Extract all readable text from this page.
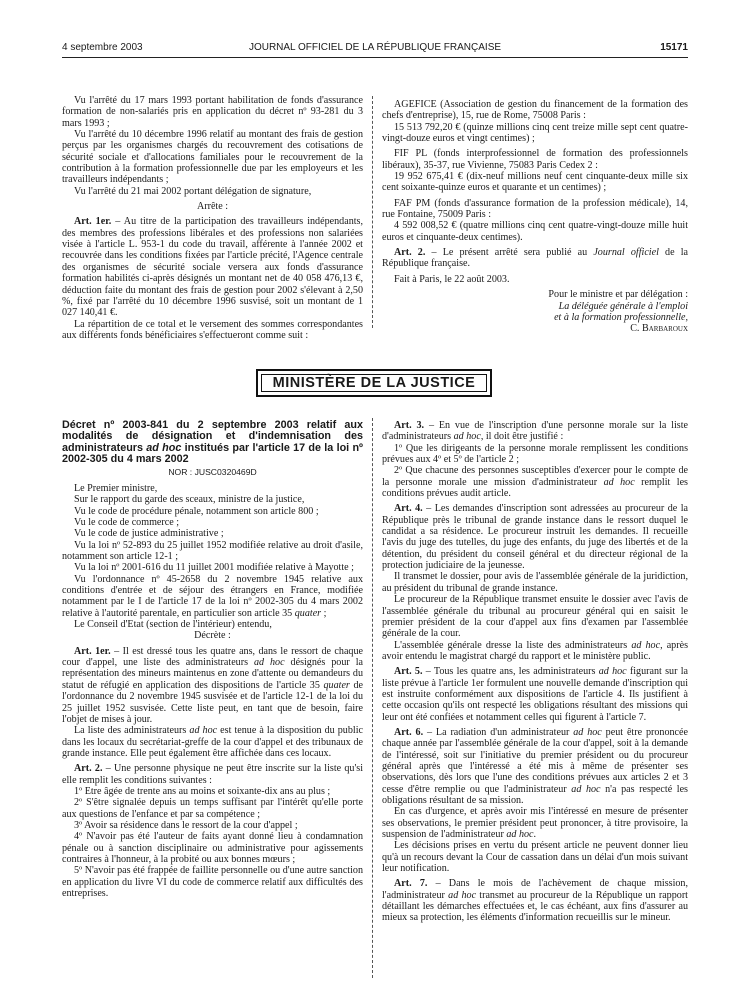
4 septembre 2003	JOURNAL OFFICIEL DE LA RÉPUBLIQUE FRANÇAISE	15171

Vu l'arrêté du 17 mars 1993 portant habilitation de fonds d'assurance formation de non-salariés pris en application du décret nº 93-281 du 3 mars 1993 ;

Vu l'arrêté du 10 décembre 1996 relatif au montant des frais de gestion perçus par les organismes chargés du recouvrement des cotisations de sécurité sociale et d'allocations familiales pour le recouvrement de la contribution à la formation professionnelle due par les employeurs et les travailleurs indépendants ;

Vu l'arrêté du 21 mai 2002 portant délégation de signature,

Arrête :

Art. 1er. – Au titre de la participation des travailleurs indépendants, des membres des professions libérales et des professions non salariées visée à l'article L. 953-1 du code du travail, afférente à l'année 2002 et recouvrée dans les conditions fixées par l'article précité, l'Agence centrale des organismes de sécurité sociale versera aux fonds d'assurance formation habilités ci-après désignés un montant net de 40 058 476,13 €, déduction faite du montant des frais de gestion pour 2002 s'élevant à 2,50 %, fixé par l'arrêté du 10 décembre 1996 susvisé, soit un montant de 1 027 140,41 €.

La répartition de ce total et le versement des sommes correspondantes aux différents fonds bénéficiaires s'effectueront comme suit :

AGEFICE (Association de gestion du financement de la formation des chefs d'entreprise), 15, rue de Rome, 75008 Paris :

15 513 792,20 € (quinze millions cinq cent treize mille sept cent quatre-vingt-douze euros et vingt centimes) ;

FIF PL (fonds interprofessionnel de formation des professionnels libéraux), 35-37, rue Vivienne, 75083 Paris Cedex 2 :

19 952 675,41 € (dix-neuf millions neuf cent cinquante-deux mille six cent soixante-quinze euros et quarante et un centimes) ;

FAF PM (fonds d'assurance formation de la profession médicale), 14, rue Fontaine, 75009 Paris :

4 592 008,52 € (quatre millions cinq cent quatre-vingt-douze mille huit euros et cinquante-deux centimes).

Art. 2. – Le présent arrêté sera publié au Journal officiel de la République française.

Fait à Paris, le 22 août 2003.

Pour le ministre et par délégation :

La déléguée générale à l'emploi

et à la formation professionnelle,

C. Barbaroux

MINISTÈRE DE LA JUSTICE

Décret nº 2003-841 du 2 septembre 2003 relatif aux modalités de désignation et d'indemnisation des administrateurs ad hoc institués par l'article 17 de la loi nº 2002-305 du 4 mars 2002

NOR : JUSC0320469D

Le Premier ministre,

Sur le rapport du garde des sceaux, ministre de la justice,

Vu le code de procédure pénale, notamment son article 800 ;

Vu le code de commerce ;

Vu le code de justice administrative ;

Vu la loi nº 52-893 du 25 juillet 1952 modifiée relative au droit d'asile, notamment son article 12-1 ;

Vu la loi nº 2001-616 du 11 juillet 2001 modifiée relative à Mayotte ;

Vu l'ordonnance nº 45-2658 du 2 novembre 1945 relative aux conditions d'entrée et de séjour des étrangers en France, modifiée notamment par le I de l'article 17 de la loi nº 2002-305 du 4 mars 2002 relative à l'autorité parentale, en particulier son article 35 quater ;

Le Conseil d'Etat (section de l'intérieur) entendu,

Décrète :

Art. 1er. – Il est dressé tous les quatre ans, dans le ressort de chaque cour d'appel, une liste des administrateurs ad hoc désignés pour la représentation des mineurs maintenus en zone d'attente ou demandeurs du statut de réfugié en application des dispositions de l'article 35 quater de l'ordonnance du 2 novembre 1945 susvisée et de l'article 12-1 de la loi du 25 juillet 1952 susvisée. Cette liste peut, en tant que de besoin, faire l'objet de mises à jour.

La liste des administrateurs ad hoc est tenue à la disposition du public dans les locaux du secrétariat-greffe de la cour d'appel et des tribunaux de grande instance. Elle peut également être affichée dans ces locaux.

Art. 2. – Une personne physique ne peut être inscrite sur la liste qu'si elle remplit les conditions suivantes :

1º Etre âgée de trente ans au moins et soixante-dix ans au plus ;

2º S'être signalée depuis un temps suffisant par l'intérêt qu'elle porte aux questions de l'enfance et par sa compétence ;

3º Avoir sa résidence dans le ressort de la cour d'appel ;

4º N'avoir pas été l'auteur de faits ayant donné lieu à condamnation pénale ou à sanction disciplinaire ou administrative pour agissements contraires à l'honneur, à la probité ou aux bonnes mœurs ;

5º N'avoir pas été frappée de faillite personnelle ou d'une autre sanction en application du livre VI du code de commerce relatif aux difficultés des entreprises.

Art. 3. – En vue de l'inscription d'une personne morale sur la liste d'administrateurs ad hoc, il doit être justifié :

1º Que les dirigeants de la personne morale remplissent les conditions prévues aux 4º et 5º de l'article 2 ;

2º Que chacune des personnes susceptibles d'exercer pour le compte de la personne morale une mission d'administrateur ad hoc remplit les conditions prévues audit article.

Art. 4. – Les demandes d'inscription sont adressées au procureur de la République près le tribunal de grande instance dans le ressort duquel le candidat a sa résidence. Le procureur instruit les demandes. Il recueille l'avis du juge des tutelles, du juge des enfants, du juge des libertés et de la détention, du président du conseil général et du directeur régional de la protection judiciaire de la jeunesse.

Il transmet le dossier, pour avis de l'assemblée générale de la juridiction, au président du tribunal de grande instance.

Le procureur de la République transmet ensuite le dossier avec l'avis de l'assemblée générale du tribunal au procureur général qui en saisit le premier président de la cour d'appel aux fins d'examen par l'assemblée générale de la cour.

L'assemblée générale dresse la liste des administrateurs ad hoc, après avoir entendu le magistrat chargé du rapport et le ministère public.

Art. 5. – Tous les quatre ans, les administrateurs ad hoc figurant sur la liste prévue à l'article 1er formulent une nouvelle demande d'inscription qui est instruite conformément aux dispositions de l'article 4. Ils justifient à cette occasion qu'ils ont respecté les obligations résultant des missions qui leur ont été confiées et notamment celles qui figurent à l'article 7.

Art. 6. – La radiation d'un administrateur ad hoc peut être prononcée chaque année par l'assemblée générale de la cour d'appel, soit à la demande de l'intéressé, soit sur l'initiative du premier président ou du procureur général après que l'intéressé a été mis à même de présenter ses observations, dès lors que l'une des conditions prévues aux articles 2 et 3 cesse d'être remplie ou que l'administrateur ad hoc n'a pas respecté les obligations résultant de sa mission.

En cas d'urgence, et après avoir mis l'intéressé en mesure de présenter ses observations, le premier président peut prononcer, à titre provisoire, la suspension de l'administrateur ad hoc.

Les décisions prises en vertu du présent article ne peuvent donner lieu qu'à un recours devant la Cour de cassation dans un délai d'un mois suivant leur notification.

Art. 7. – Dans le mois de l'achèvement de chaque mission, l'administrateur ad hoc transmet au procureur de la République un rapport détaillant les démarches effectuées et, le cas échéant, aux fins d'assurer au mieux sa protection, les éléments d'information recueillis sur le mineur.
